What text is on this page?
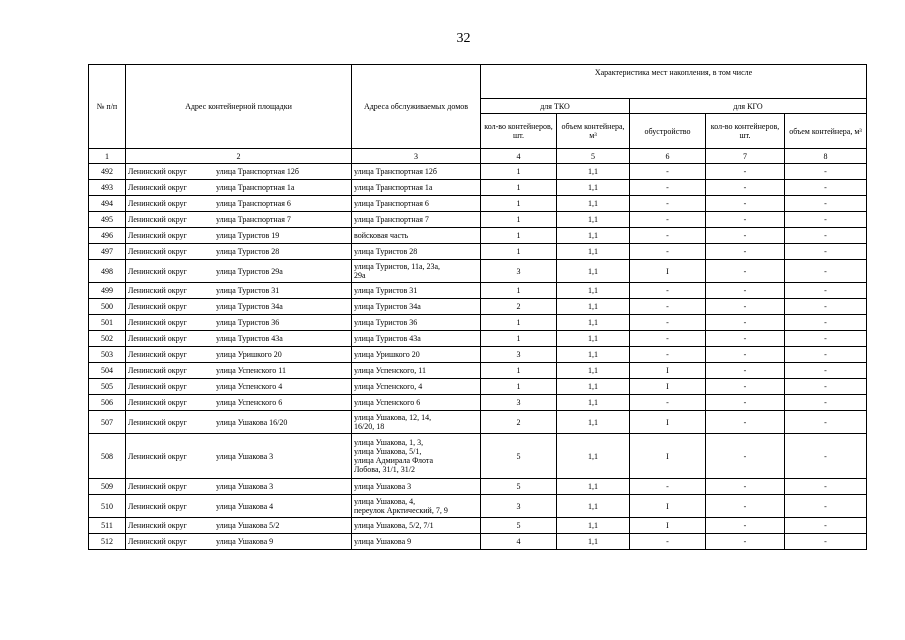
32
№ п/п	Адрес контейнерной площадки	Адреса обслуживаемых домов	Характеристика мест накопления, в том числе				
			для ТКО		для КГО		
			кол-во контейнеров, шт.	объем контейнера, м³	обустройство	кол-во контейнеров, шт.	объем контейнера, м³
1	2	3	4	5	6	7	8
492	Ленинский округ улица Транспортная 12б	улица Транспортная 12б	1	1,1	-	-	-
493	Ленинский округ улица Транспортная 1а	улица Транспортная 1а	1	1,1	-	-	-
494	Ленинский округ улица Транспортная 6	улица Транспортная 6	1	1,1	-	-	-
495	Ленинский округ улица Транспортная 7	улица Транспортная 7	1	1,1	-	-	-
496	Ленинский округ улица Туристов 19	войсковая часть	1	1,1	-	-	-
497	Ленинский округ улица Туристов 28	улица Туристов 28	1	1,1	-	-	-
498	Ленинский округ улица Туристов 29а	улица Туристов, 11а, 23а,
29а	3	1,1	I	-	-
499	Ленинский округ улица Туристов 31	улица Туристов 31	1	1,1	-	-	-
500	Ленинский округ улица Туристов 34а	улица Туристов 34а	2	1,1	-	-	-
501	Ленинский округ улица Туристов 36	улица Туристов 36	1	1,1	-	-	-
502	Ленинский округ улица Туристов 43а	улица Туристов 43а	1	1,1	-	-	-
503	Ленинский округ улица Уришкого 20	улица Уришкого 20	3	1,1	-	-	-
504	Ленинский округ улица Успенского 11	улица Успенского, 11	1	1,1	I	-	-
505	Ленинский округ улица Успенского 4	улица Успенского, 4	1	1,1	I	-	-
506	Ленинский округ улица Успенского 6	улица Успенского 6	3	1,1	-	-	-
507	Ленинский округ улица Ушакова 16/20	улица Ушакова, 12, 14,
16/20, 18	2	1,1	I	-	-
508	Ленинский округ улица Ушакова 3	улица Ушакова, 1, 3,
улица Ушакова, 5/1,
улица Адмирала Флота
Лобова, 31/1, 31/2	5	1,1	I	-	-
509	Ленинский округ улица Ушакова 3	улица Ушакова 3	5	1,1	-	-	-
510	Ленинский округ улица Ушакова 4	улица Ушакова, 4,
переулок Арктический, 7, 9	3	1,1	I	-	-
511	Ленинский округ улица Ушакова 5/2	улица Ушакова, 5/2, 7/1	5	1,1	I	-	-
512	Ленинский округ улица Ушакова 9	улица Ушакова 9	4	1,1	-	-	-
